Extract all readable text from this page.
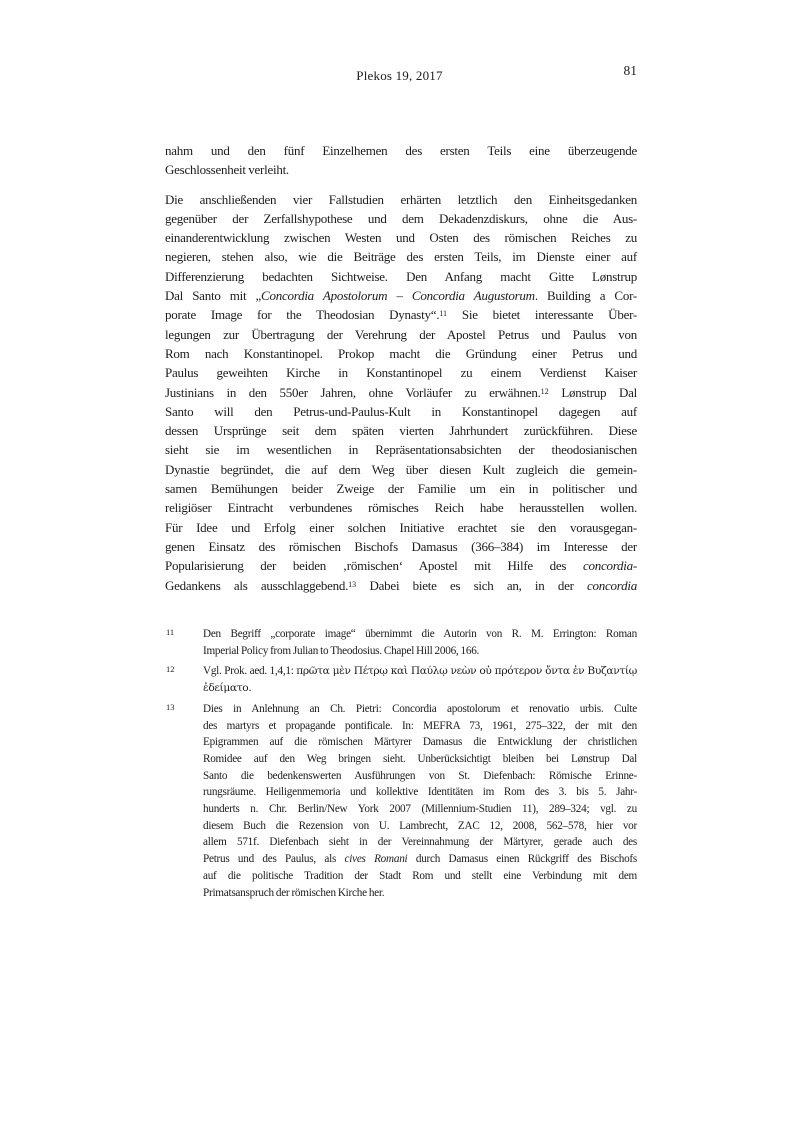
Plekos 19, 2017	81
nahm und den fünf Einzelhemen des ersten Teils eine überzeugende
Geschlossenheit verleiht.
Die anschließenden vier Fallstudien erhärten letztlich den Einheitsgedanken
gegenüber der Zerfallshypothese und dem Dekadenzdiskurs, ohne die Aus-
einanderentwicklung zwischen Westen und Osten des römischen Reiches zu
negieren, stehen also, wie die Beiträge des ersten Teils, im Dienste einer auf
Differenzierung bedachten Sichtweise. Den Anfang macht Gitte Lønstrup
Dal Santo mit „Concordia Apostolorum – Concordia Augustorum. Building a Cor-
porate Image for the Theodosian Dynasty“.$^{11}$ Sie bietet interessante Über-
legungen zur Übertragung der Verehrung der Apostel Petrus und Paulus von
Rom nach Konstantinopel. Prokop macht die Gründung einer Petrus und
Paulus geweihten Kirche in Konstantinopel zu einem Verdienst Kaiser
Justinians in den 550er Jahren, ohne Vorläufer zu erwähnen.$^{12}$ Lønstrup Dal
Santo will den Petrus-und-Paulus-Kult in Konstantinopel dagegen auf
dessen Ursprünge seit dem späten vierten Jahrhundert zurückführen. Diese
sieht sie im wesentlichen in Repräsentationsabsichten der theodosianischen
Dynastie begründet, die auf dem Weg über diesen Kult zugleich die gemein-
samen Bemühungen beider Zweige der Familie um ein in politischer und
religiöser Eintracht verbundenes römisches Reich habe herausstellen wollen.
Für Idee und Erfolg einer solchen Initiative erachtet sie den vorausgegan-
genen Einsatz des römischen Bischofs Damasus (366–384) im Interesse der
Popularisierung der beiden ‚römischen‘ Apostel mit Hilfe des concordia-
Gedankens als ausschlaggebend.$^{13}$ Dabei biete es sich an, in der concordia
11	Den Begriff „corporate image“ übernimmt die Autorin von R. M. Errington: Roman
Imperial Policy from Julian to Theodosius. Chapel Hill 2006, 166.
12	Vgl. Prok. aed. 1,4,1: πρῶτα μὲν Πέτρῳ καὶ Παύλῳ νεὼν οὐ πρότερον ὄντα ἐν Βυζαντίῳ
ἐδείματο.
13	Dies in Anlehnung an Ch. Pietri: Concordia apostolorum et renovatio urbis. Culte
des martyrs et propagande pontificale. In: MEFRA 73, 1961, 275–322, der mit den
Epigrammen auf die römischen Märtyrer Damasus die Entwicklung der christlichen
Romidee auf den Weg bringen sieht. Unberücksichtigt bleiben bei Lønstrup Dal
Santo die bedenkenswerten Ausführungen von St. Diefenbach: Römische Erinne-
rungsräume. Heiligenmemoria und kollektive Identitäten im Rom des 3. bis 5. Jahr-
hunderts n. Chr. Berlin/New York 2007 (Millennium-Studien 11), 289–324; vgl. zu
diesem Buch die Rezension von U. Lambrecht, ZAC 12, 2008, 562–578, hier vor
allem 571f. Diefenbach sieht in der Vereinnahmung der Märtyrer, gerade auch des
Petrus und des Paulus, als cives Romani durch Damasus einen Rückgriff des Bischofs
auf die politische Tradition der Stadt Rom und stellt eine Verbindung mit dem
Primatsanspruch der römischen Kirche her.
